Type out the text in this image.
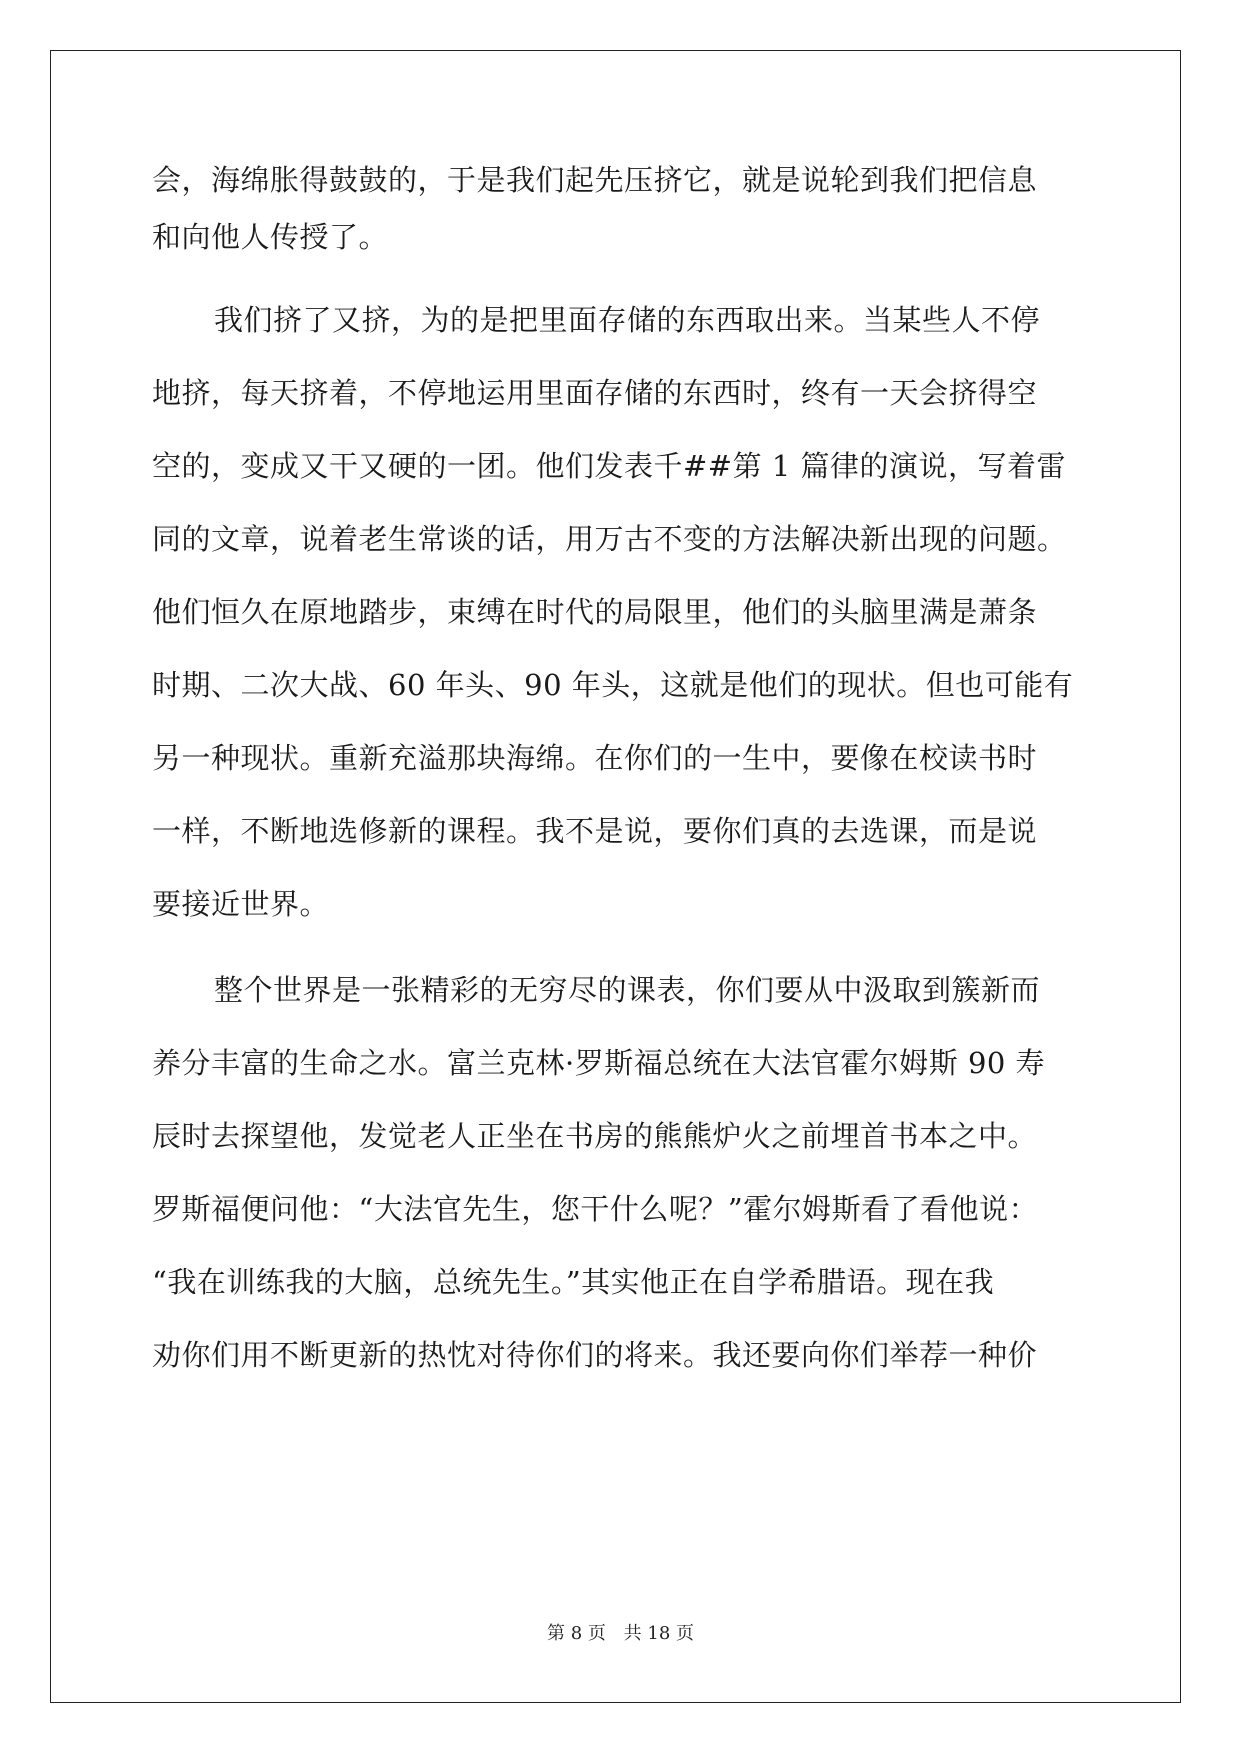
会，海绵胀得鼓鼓的，于是我们起先压挤它，就是说轮到我们把信息
和向他人传授了。
我们挤了又挤，为的是把里面存储的东西取出来。当某些人不停
地挤，每天挤着，不停地运用里面存储的东西时，终有一天会挤得空
空的，变成又干又硬的一团。他们发表千##第 1 篇律的演说，写着雷
同的文章，说着老生常谈的话，用万古不变的方法解决新出现的问题。
他们恒久在原地踏步，束缚在时代的局限里，他们的头脑里满是萧条
时期、二次大战、60 年头、90 年头，这就是他们的现状。但也可能有
另一种现状。重新充溢那块海绵。在你们的一生中，要像在校读书时
一样，不断地选修新的课程。我不是说，要你们真的去选课，而是说
要接近世界。
整个世界是一张精彩的无穷尽的课表，你们要从中汲取到簇新而
养分丰富的生命之水。富兰克林·罗斯福总统在大法官霍尔姆斯 90 寿
辰时去探望他，发觉老人正坐在书房的熊熊炉火之前埋首书本之中。
罗斯福便问他：“大法官先生，您干什么呢？”霍尔姆斯看了看他说：
“我在训练我的大脑，总统先生。”其实他正在自学希腊语。现在我
劝你们用不断更新的热忱对待你们的将来。我还要向你们举荐一种价
第 8 页 共 18 页
